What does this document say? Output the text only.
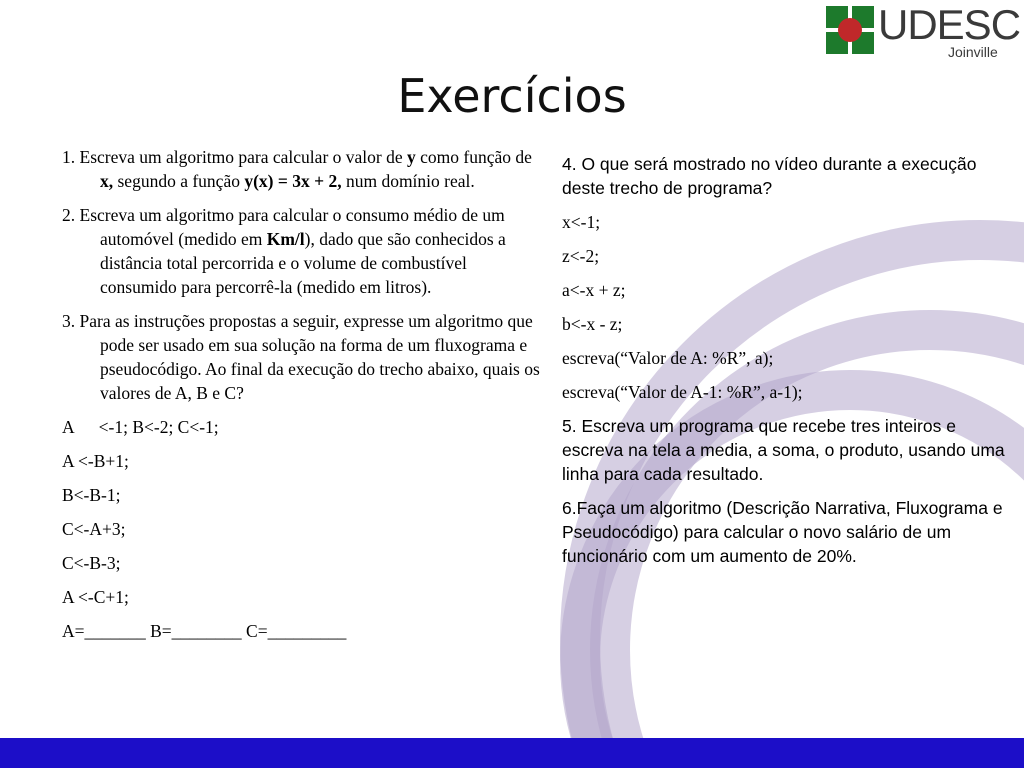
UDESC
Joinville
Exercícios

1. Escreva um algoritmo para calcular o valor de y como função de x, segundo a função y(x) = 3x + 2, num domínio real.

2. Escreva um algoritmo para calcular o consumo médio de um automóvel (medido em Km/l), dado que são conhecidos a distância total percorrida e o volume de combustível consumido para percorrê-la (medido em litros).

3. Para as instruções propostas a seguir, expresse um algoritmo que pode ser usado em sua solução na forma de um fluxograma e pseudocódigo. Ao final da execução do trecho abaixo, quais os valores de A, B e C?

A <-1; B<-2; C<-1;

A <-B+1;

B<-B-1;

C<-A+3;

C<-B-3;

A <-C+1;

A=_______ B=________ C=_________

4. O que será mostrado no vídeo durante a execução deste trecho de programa?

x<-1;

z<-2;

a<-x + z;

b<-x - z;

escreva(“Valor de A: %R”, a);

escreva(“Valor de A-1: %R”, a-1);

5. Escreva um programa que recebe tres inteiros e escreva na tela a media, a soma, o produto, usando uma linha para cada resultado.

6.Faça um algoritmo (Descrição Narrativa, Fluxograma e Pseudocódigo) para calcular o novo salário de um funcionário com um aumento de 20%.
